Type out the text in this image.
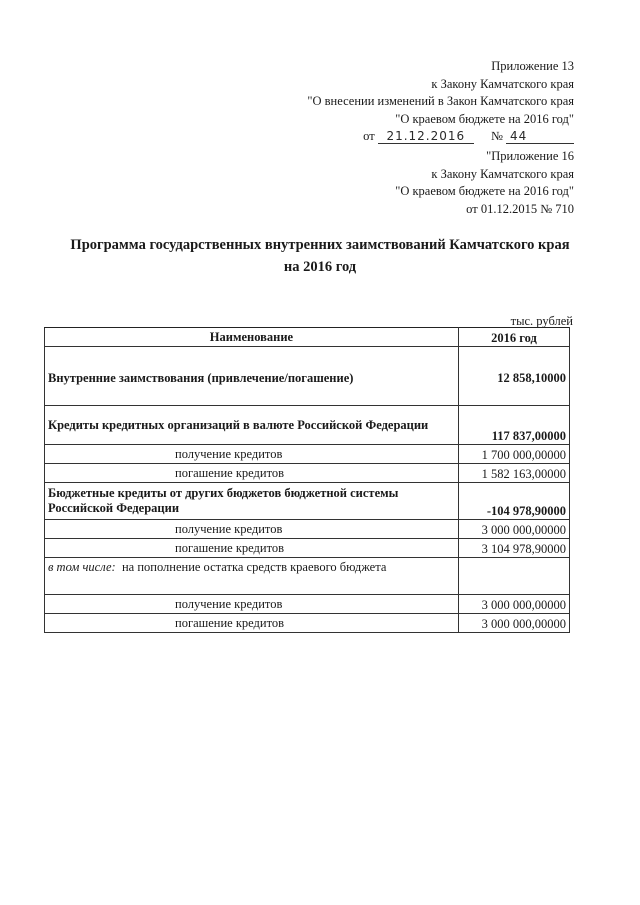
Приложение 13
к Закону Камчатского края
"О внесении изменений в Закон Камчатского края
"О краевом бюджете на 2016 год"
от 21.12.2016 № 44
"Приложение 16
к Закону Камчатского края
"О краевом бюджете на 2016 год"
от 01.12.2015 № 710
Программа государственных внутренних заимствований Камчатского края
на 2016 год
тыс. рублей
Наименование	2016 год
Внутренние заимствования (привлечение/погашение)	12 858,10000
Кредиты кредитных организаций в валюте Российской Федерации	117 837,00000
получение кредитов	1 700 000,00000
погашение кредитов	1 582 163,00000
Бюджетные кредиты от других бюджетов бюджетной системы Российской Федерации	-104 978,90000
получение кредитов	3 000 000,00000
погашение кредитов	3 104 978,90000
в том числе: на пополнение остатка средств краевого бюджета	
получение кредитов	3 000 000,00000
погашение кредитов	3 000 000,00000
